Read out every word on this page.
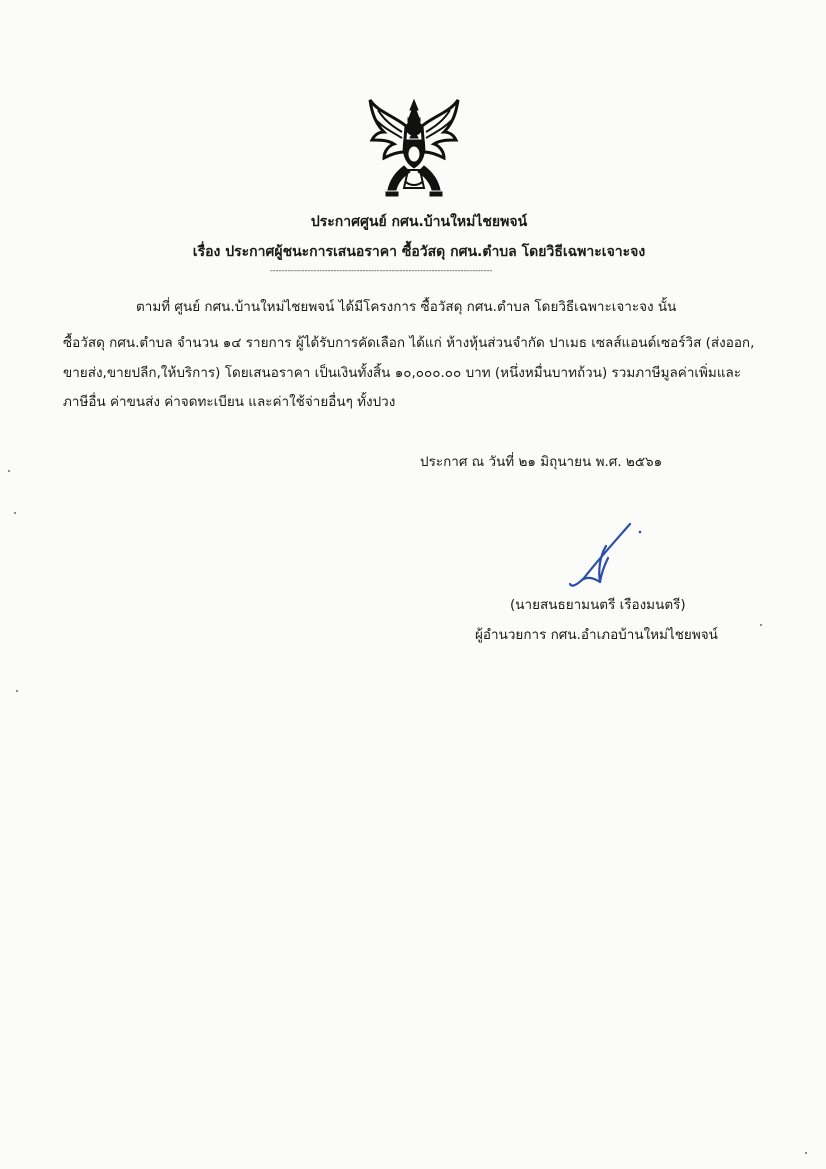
ประกาศศูนย์ กศน.บ้านใหม่ไชยพจน์
เรื่อง ประกาศผู้ชนะการเสนอราคา ซื้อวัสดุ กศน.ตำบล โดยวิธีเฉพาะเจาะจง
-----------------------------------------------------------------------------
ตามที่ ศูนย์ กศน.บ้านใหม่ไชยพจน์ ได้มีโครงการ ซื้อวัสดุ กศน.ตำบล โดยวิธีเฉพาะเจาะจง นั้น
ซื้อวัสดุ กศน.ตำบล จำนวน ๑๔ รายการ ผู้ได้รับการคัดเลือก ได้แก่ ห้างหุ้นส่วนจำกัด ปาเมธ เซลส์แอนด์เซอร์วิส (ส่งออก,
ขายส่ง,ขายปลีก,ให้บริการ) โดยเสนอราคา เป็นเงินทั้งสิ้น ๑๐,๐๐๐.๐๐ บาท (หนึ่งหมื่นบาทถ้วน) รวมภาษีมูลค่าเพิ่มและ
ภาษีอื่น ค่าขนส่ง ค่าจดทะเบียน และค่าใช้จ่ายอื่นๆ ทั้งปวง
ประกาศ ณ วันที่ ๒๑ มิถุนายน พ.ศ. ๒๕๖๑
(นายสนธยามนตรี เรืองมนตรี)
ผู้อำนวยการ กศน.อำเภอบ้านใหม่ไชยพจน์
